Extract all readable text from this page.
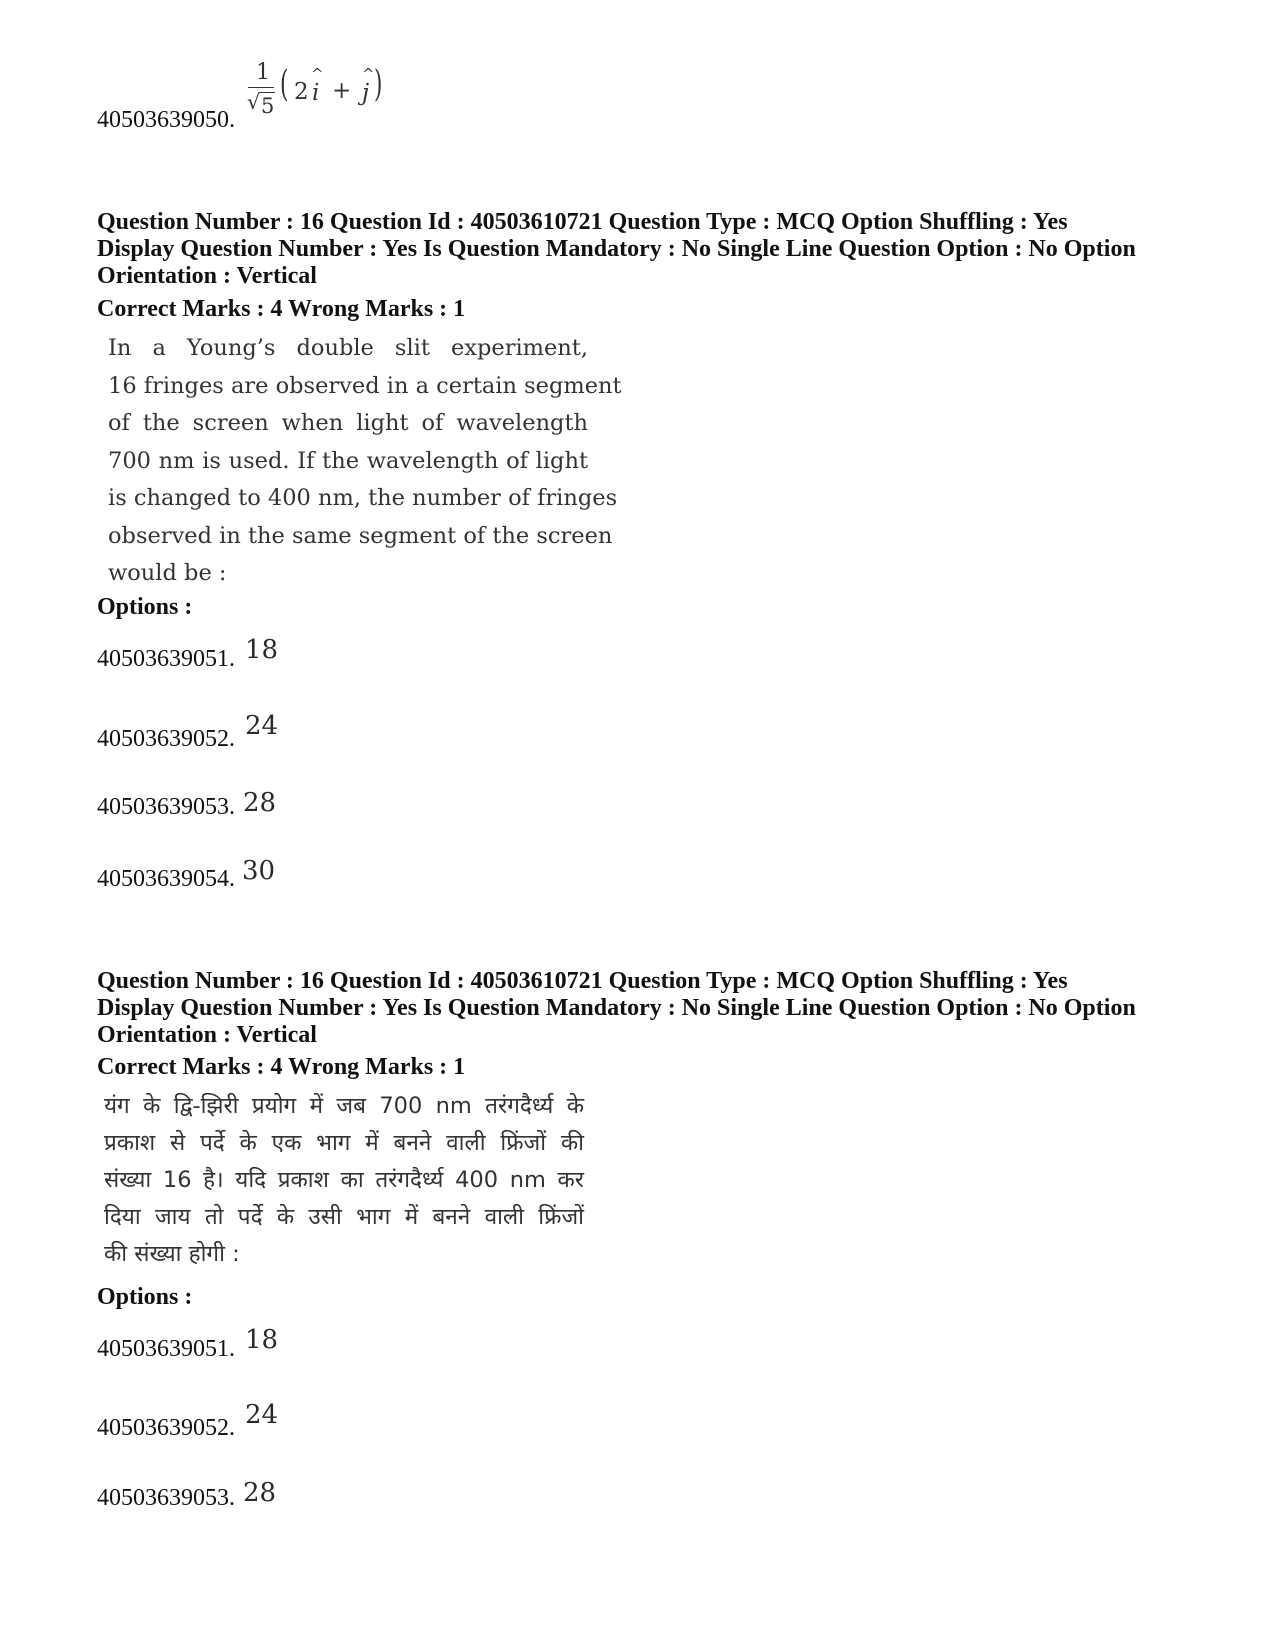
40503639050.
1
√ 5
( 2
^
i +
^
j )
Question Number : 16 Question Id : 40503610721 Question Type : MCQ Option Shuffling : Yes
Display Question Number : Yes Is Question Mandatory : No Single Line Question Option : No Option
Orientation : Vertical
Correct Marks : 4 Wrong Marks : 1
In a Young’s double slit experiment,
16 fringes are observed in a certain segment
of the screen when light of wavelength
700 nm is used. If the wavelength of light
is changed to 400 nm, the number of fringes
observed in the same segment of the screen
would be :
Options :
40503639051. 18
40503639052. 24
40503639053. 28
40503639054. 30
Question Number : 16 Question Id : 40503610721 Question Type : MCQ Option Shuffling : Yes
Display Question Number : Yes Is Question Mandatory : No Single Line Question Option : No Option
Orientation : Vertical
Correct Marks : 4 Wrong Marks : 1
यंग के द्वि-झिरी प्रयोग में जब 700 nm तरंगदैर्ध्य के
प्रकाश से पर्दे के एक भाग में बनने वाली फ्रिंजों की
संख्या 16 है। यदि प्रकाश का तरंगदैर्ध्य 400 nm कर
दिया जाय तो पर्दे के उसी भाग में बनने वाली फ्रिंजों
की संख्या होगी :
Options :
40503639051. 18
40503639052. 24
40503639053. 28
